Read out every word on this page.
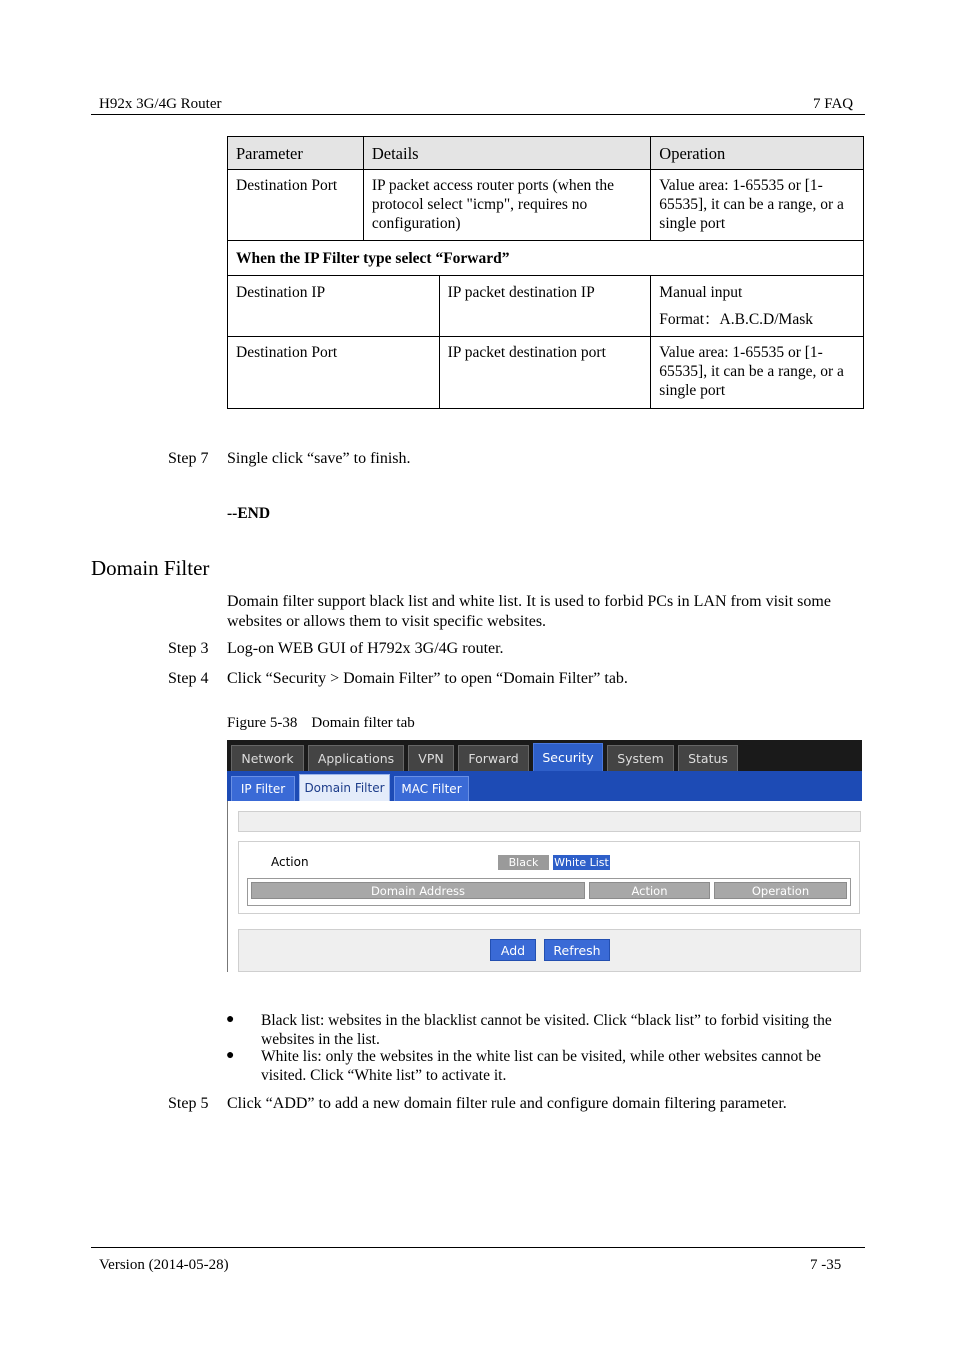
H92x 3G/4G Router	7 FAQ
Parameter	Details		Operation
Destination Port	IP packet access router ports (when the protocol select "icmp", requires no configuration)		Value area: 1-65535 or [1-65535], it can be a range, or a single port
When the IP Filter type select “Forward”			
Destination IP		IP packet destination IP	Manual input
Format：A.B.C.D/Mask

Destination Port		IP packet destination port	Value area: 1-65535 or [1-65535], it can be a range, or a single port
Step 7 Single click “save” to finish.
--END
Domain Filter
Domain filter support black list and white list. It is used to forbid PCs in LAN from visit some websites or allows them to visit specific websites.
Step 3 Log-on WEB GUI of H792x 3G/4G router.
Step 4 Click “Security > Domain Filter” to open “Domain Filter” tab.
Figure 5-38 Domain filter tab
Network	Applications	VPN	Forward	Security	System	Status
IP Filter	Domain Filter	MAC Filter
Action	Black	White List
Domain Address	Action	Operation
Add	Refresh
● Black list: websites in the blacklist cannot be visited. Click “black list” to forbid visiting the websites in the list.
● White lis: only the websites in the white list can be visited, while other websites cannot be visited. Click “White list” to activate it.
Step 5 Click “ADD” to add a new domain filter rule and configure domain filtering parameter.
Version (2014-05-28)	7 -35
